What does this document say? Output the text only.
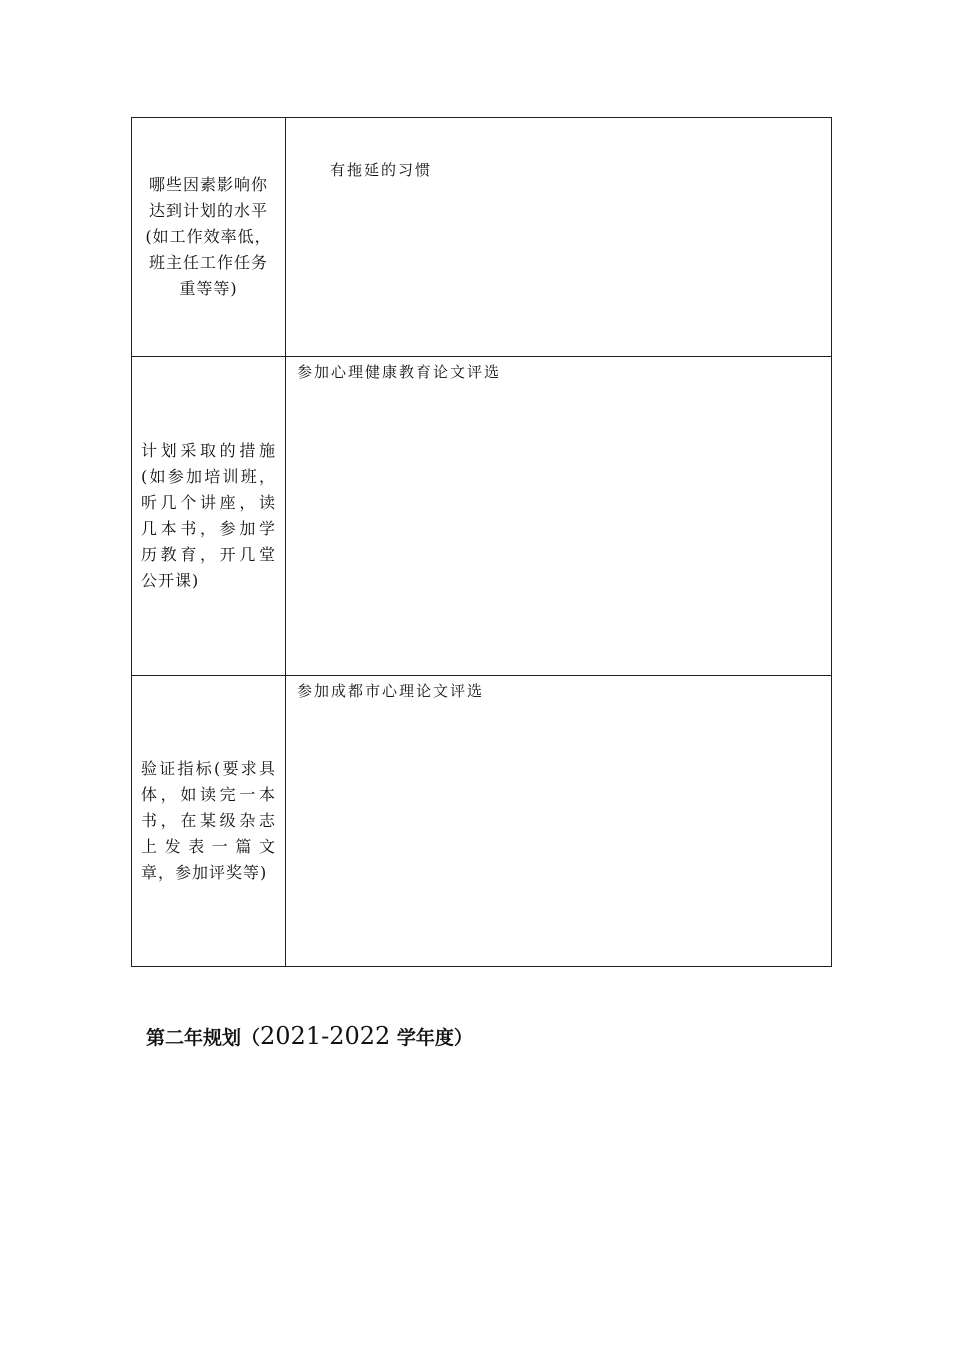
哪些因素影响你达到计划的水平(如工作效率低，班主任工作任务重等等)	有拖延的习惯

计划采取的措施(如参加培训班，听几个讲座，读几本书，参加学历教育，开几堂公开课)	参加心理健康教育论文评选

验证指标(要求具体，如读完一本书，在某级杂志上发表一篇文章，参加评奖等)	参加成都市心理论文评选
第二年规划（2021-2022 学年度）
